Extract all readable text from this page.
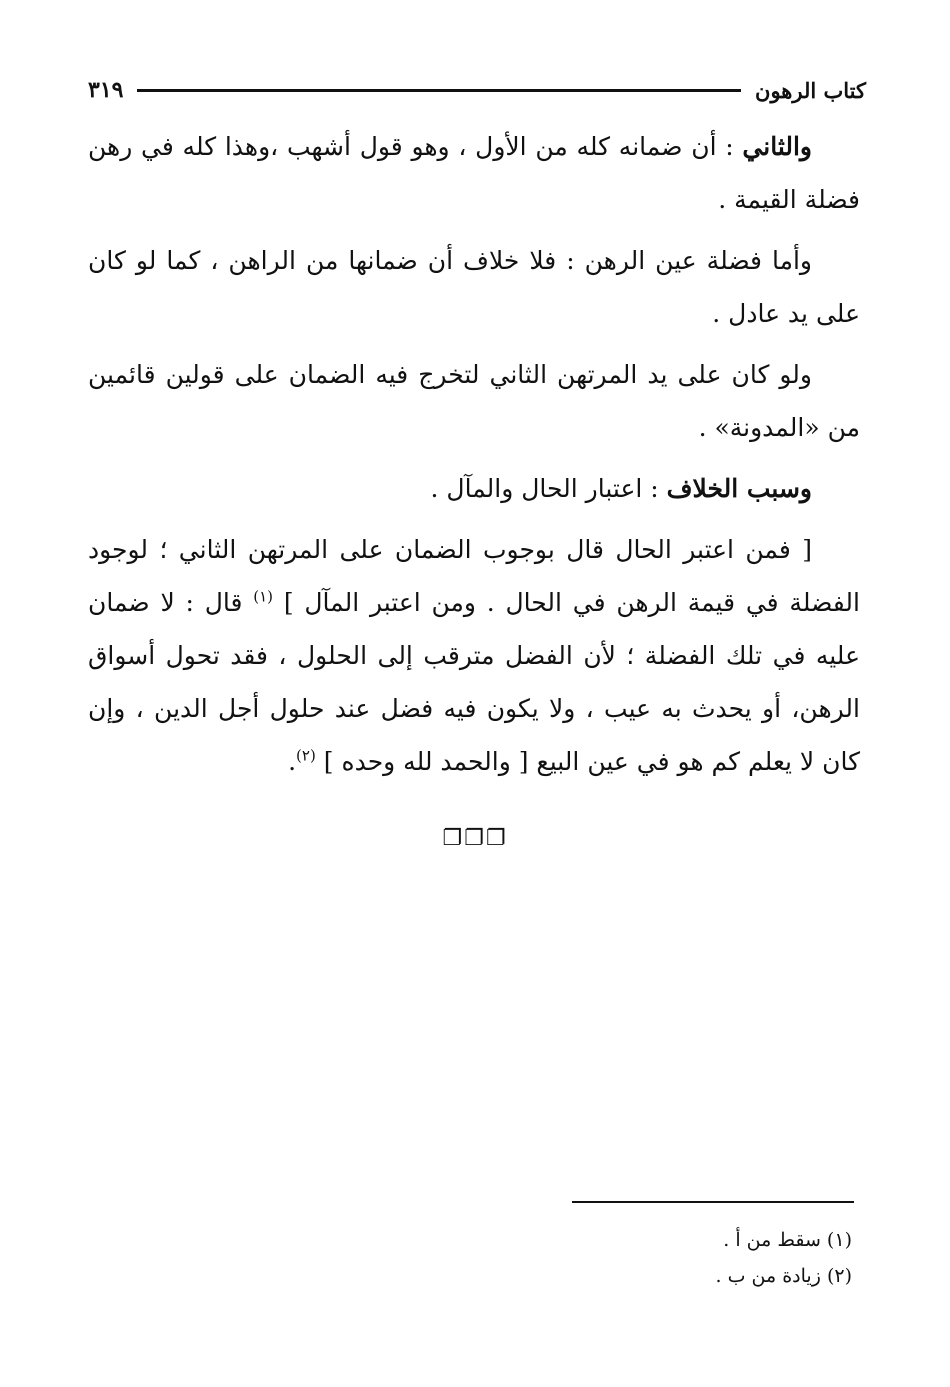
كتاب الرهون
٣١٩

والثاني : أن ضمانه كله من الأول ، وهو قول أشهب ،وهذا كله في رهن فضلة القيمة .

وأما فضلة عين الرهن : فلا خلاف أن ضمانها من الراهن ، كما لو كان على يد عادل .

ولو كان على يد المرتهن الثاني لتخرج فيه الضمان على قولين قائمين من «المدونة» .

وسبب الخلاف : اعتبار الحال والمآل .

[ فمن اعتبر الحال قال بوجوب الضمان على المرتهن الثاني ؛ لوجود الفضلة في قيمة الرهن في الحال . ومن اعتبر المآل ] $^{(١)}$ قال : لا ضمان عليه في تلك الفضلة ؛ لأن الفضل مترقب إلى الحلول ، فقد تحول أسواق الرهن، أو يحدث به عيب ، ولا يكون فيه فضل عند حلول أجل الدين ، وإن كان لا يعلم كم هو في عين البيع [ والحمد لله وحده ] $^{(٢)}$.

❐❐❐

(١) سقط من أ .

(٢) زيادة من ب .
